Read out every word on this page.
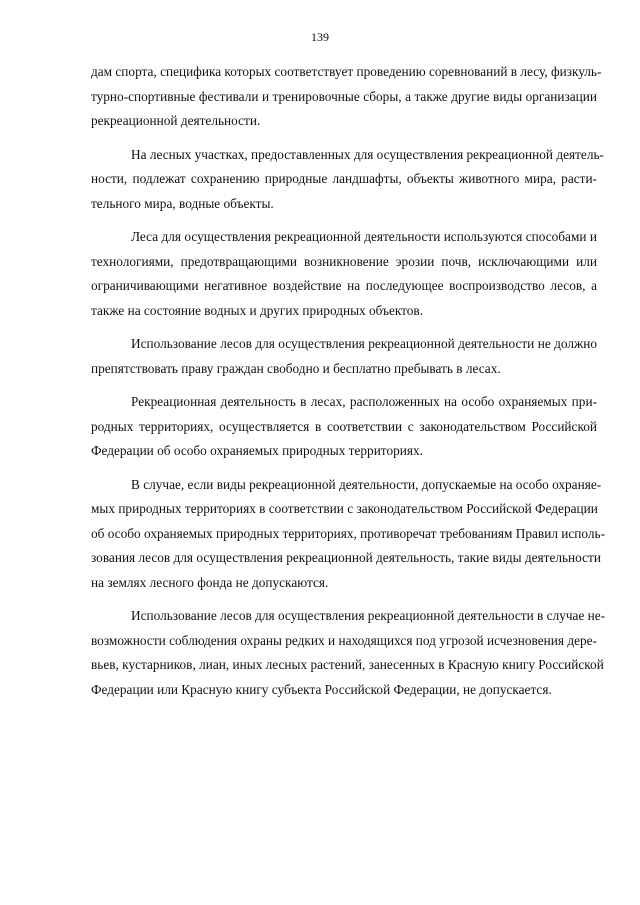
139

дам спорта, специфика которых соответствует проведению соревнований в лесу, физкуль-
турно-спортивные фестивали и тренировочные сборы, а также другие виды организации
рекреационной деятельности.

На лесных участках, предоставленных для осуществления рекреационной деятель-
ности, подлежат сохранению природные ландшафты, объекты животного мира, расти-
тельного мира, водные объекты.

Леса для осуществления рекреационной деятельности используются способами и
технологиями, предотвращающими возникновение эрозии почв, исключающими или
ограничивающими негативное воздействие на последующее воспроизводство лесов, а
также на состояние водных и других природных объектов.

Использование лесов для осуществления рекреационной деятельности не должно
препятствовать праву граждан свободно и бесплатно пребывать в лесах.

Рекреационная деятельность в лесах, расположенных на особо охраняемых при-
родных территориях, осуществляется в соответствии с законодательством Российской
Федерации об особо охраняемых природных территориях.

В случае, если виды рекреационной деятельности, допускаемые на особо охраняе-
мых природных территориях в соответствии с законодательством Российской Федерации
об особо охраняемых природных территориях, противоречат требованиям Правил исполь-
зования лесов для осуществления рекреационной деятельность, такие виды деятельности
на землях лесного фонда не допускаются.

Использование лесов для осуществления рекреационной деятельности в случае не-
возможности соблюдения охраны редких и находящихся под угрозой исчезновения дере-
вьев, кустарников, лиан, иных лесных растений, занесенных в Красную книгу Российской
Федерации или Красную книгу субъекта Российской Федерации, не допускается.
